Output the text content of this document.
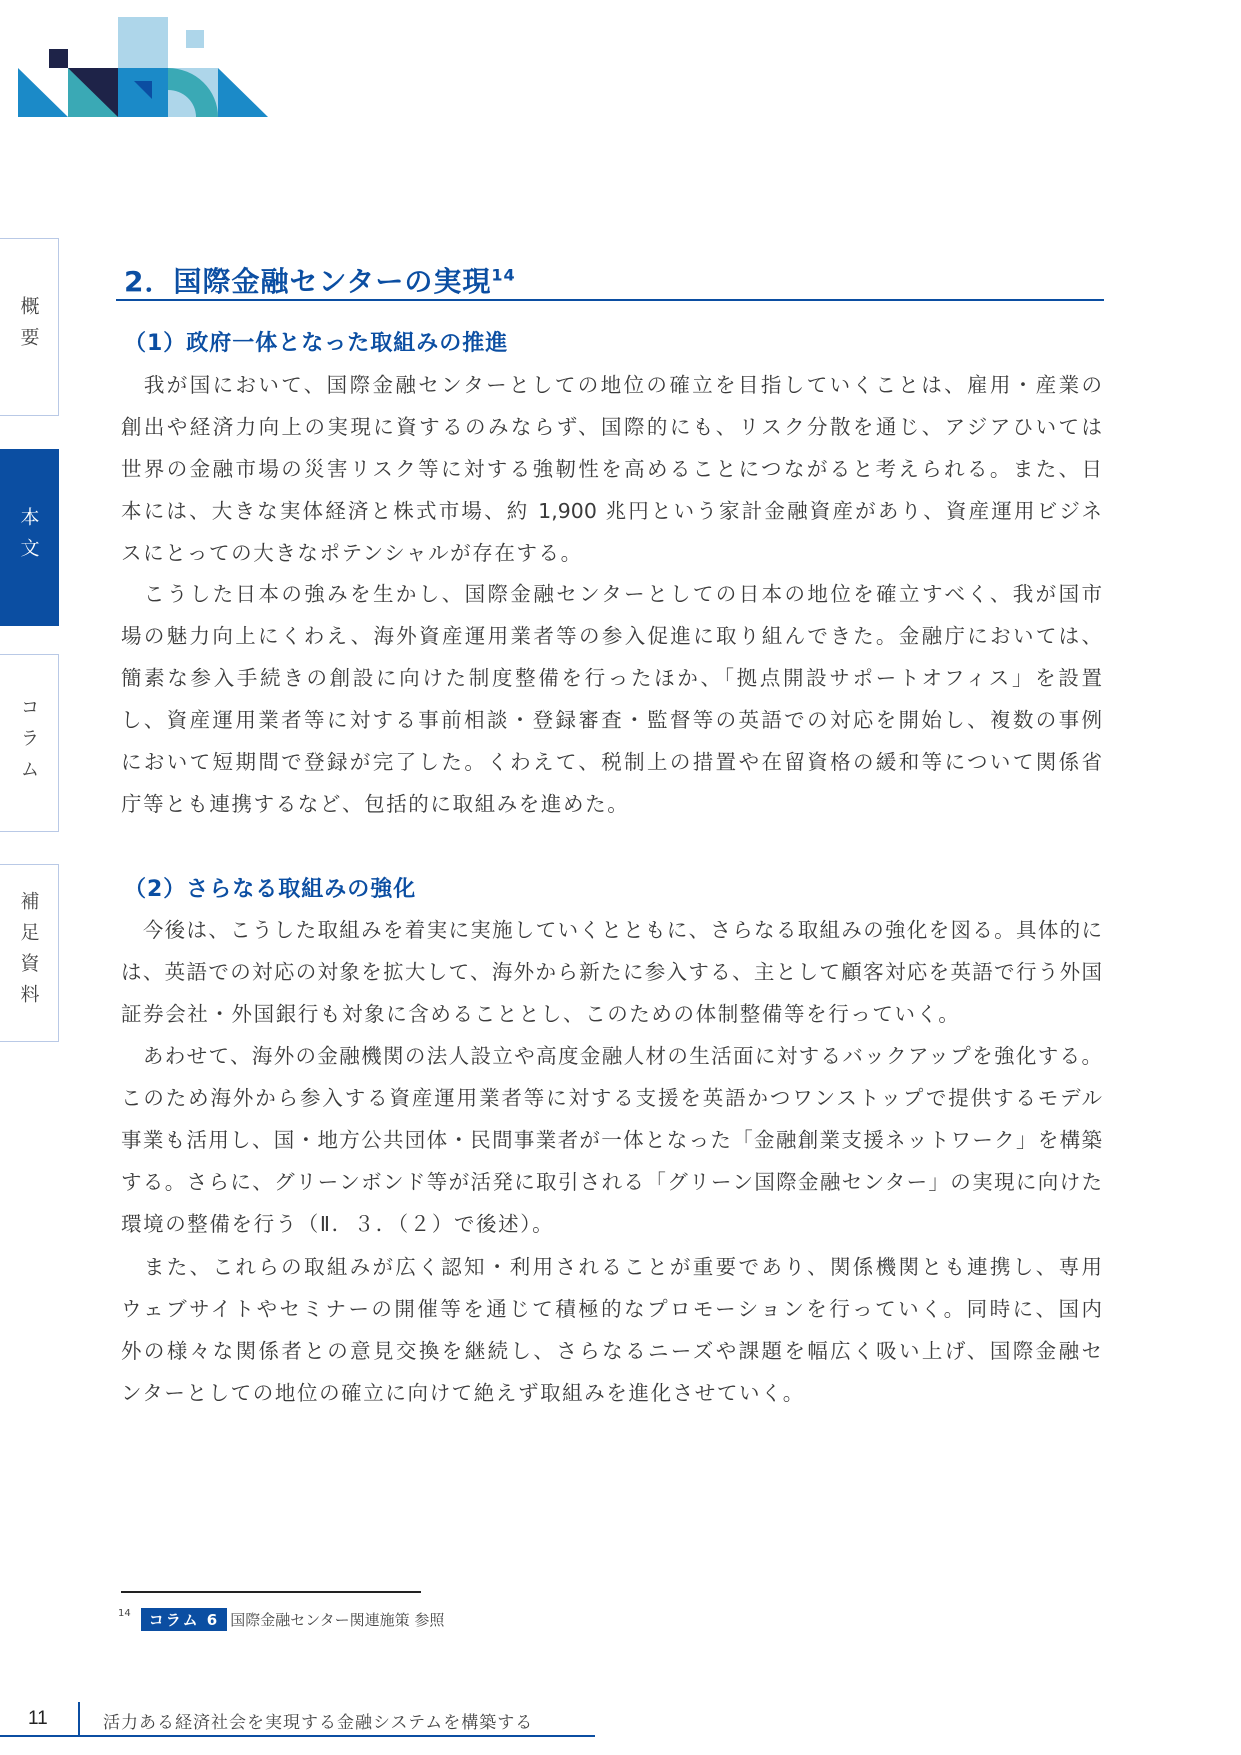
概要
本文
コラム
補足資料
2．国際金融センターの実現$^{14}$
（1）政府一体となった取組みの推進
　我が国において、国際金融センターとしての地位の確立を目指していくことは、雇用・産業の
創出や経済力向上の実現に資するのみならず、国際的にも、リスク分散を通じ、アジアひいては
世界の金融市場の災害リスク等に対する強靭性を高めることにつながると考えられる。また、日
本には、大きな実体経済と株式市場、約 1,900 兆円という家計金融資産があり、資産運用ビジネ
スにとっての大きなポテンシャルが存在する。
　こうした日本の強みを生かし、国際金融センターとしての日本の地位を確立すべく、我が国市
場の魅力向上にくわえ、海外資産運用業者等の参入促進に取り組んできた。金融庁においては、
簡素な参入手続きの創設に向けた制度整備を行ったほか、「拠点開設サポートオフィス」を設置
し、資産運用業者等に対する事前相談・登録審査・監督等の英語での対応を開始し、複数の事例
において短期間で登録が完了した。くわえて、税制上の措置や在留資格の緩和等について関係省
庁等とも連携するなど、包括的に取組みを進めた。
（2）さらなる取組みの強化
　今後は、こうした取組みを着実に実施していくとともに、さらなる取組みの強化を図る。具体的に
は、英語での対応の対象を拡大して、海外から新たに参入する、主として顧客対応を英語で行う外国
証券会社・外国銀行も対象に含めることとし、このための体制整備等を行っていく。
　あわせて、海外の金融機関の法人設立や高度金融人材の生活面に対するバックアップを強化する。
このため海外から参入する資産運用業者等に対する支援を英語かつワンストップで提供するモデル
事業も活用し、国・地方公共団体・民間事業者が一体となった「金融創業支援ネットワーク」を構築
する。さらに、グリーンボンド等が活発に取引される「グリーン国際金融センター」の実現に向けた
環境の整備を行う（Ⅱ．３．（２）で後述）。
　また、これらの取組みが広く認知・利用されることが重要であり、関係機関とも連携し、専用
ウェブサイトやセミナーの開催等を通じて積極的なプロモーションを行っていく。同時に、国内
外の様々な関係者との意見交換を継続し、さらなるニーズや課題を幅広く吸い上げ、国際金融セ
ンターとしての地位の確立に向けて絶えず取組みを進化させていく。
14	コラム 6 国際金融センター関連施策 参照
11	活力ある経済社会を実現する金融システムを構築する
